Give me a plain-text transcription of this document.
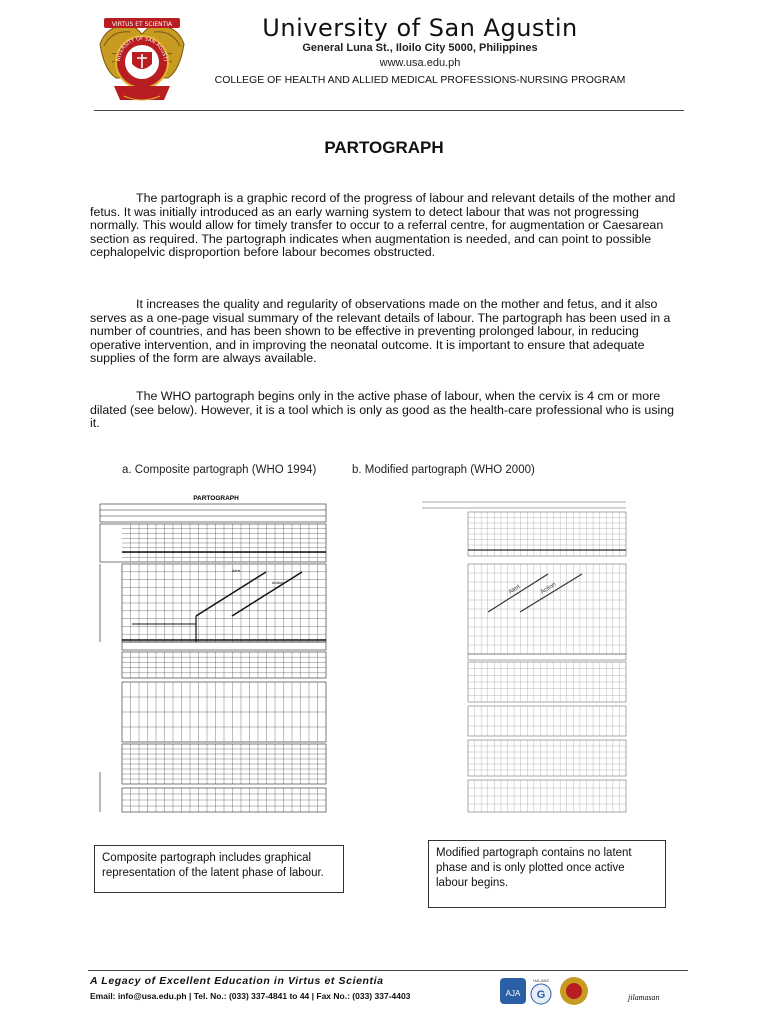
VIRTUS ET SCIENTIA
NIVERSITY OF SAN AGUSTI
University of San Agustin
General Luna St., Iloilo City 5000, Philippines
www.usa.edu.ph
COLLEGE OF HEALTH AND ALLIED MEDICAL PROFESSIONS-NURSING PROGRAM
PARTOGRAPH
The partograph is a graphic record of the progress of labour and relevant details of the mother and fetus. It was initially introduced as an early warning system to detect labour that was not progressing normally. This would allow for timely transfer to occur to a referral centre, for augmentation or Caesarean section as required. The partograph indicates when augmentation is needed, and can point to possible cephalopelvic disproportion before labour becomes obstructed.
It increases the quality and regularity of observations made on the mother and fetus, and it also serves as a one-page visual summary of the relevant details of labour. The partograph has been used in a number of countries, and has been shown to be effective in preventing prolonged labour, in reducing operative intervention, and in improving the neonatal outcome. It is important to ensure that adequate supplies of the form are always available.
The WHO partograph begins only in the active phase of labour, when the cervix is 4 cm or more dilated (see below). However, it is a tool which is only as good as the health-care professional who is using it.
a. Composite partograph (WHO 1994)	b. Modified partograph (WHO 2000)
PARTOGRAPH
Alert
Action
Alert	Action
Composite partograph includes graphical representation of the latent phase of labour.
Modified partograph contains no latent phase and is only plotted once active labour begins.
A Legacy of Excellent Education in Virtus et Scientia
Email: info@usa.edu.ph | Tel. No.: (033) 337-4841 to 44 | Fax No.: (033) 337-4403	AJA
IAS-ANZ
G	jilamasan
